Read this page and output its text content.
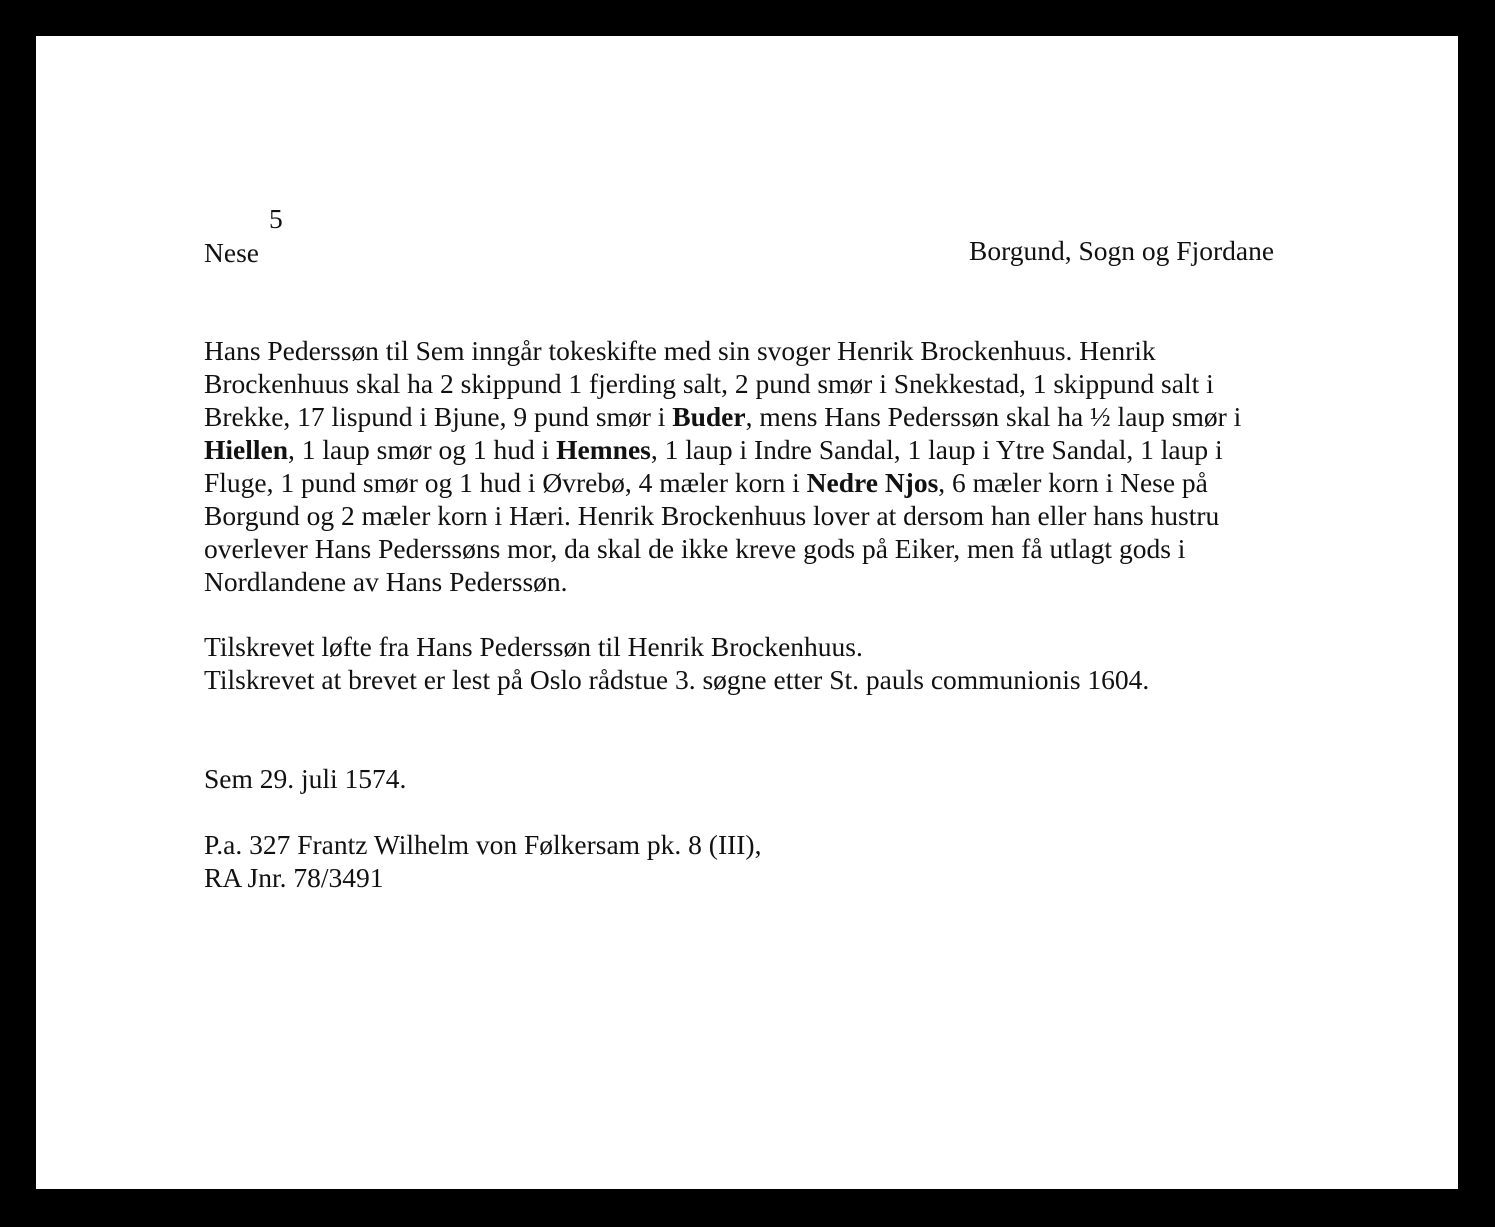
5
Nese	Borgund, Sogn og Fjordane
Hans Pederssøn til Sem inngår tokeskifte med sin svoger Henrik Brockenhuus. Henrik
Brockenhuus skal ha 2 skippund 1 fjerding salt, 2 pund smør i Snekkestad, 1 skippund salt i
Brekke, 17 lispund i Bjune, 9 pund smør i Buder, mens Hans Pederssøn skal ha ½ laup smør i
Hiellen, 1 laup smør og 1 hud i Hemnes, 1 laup i Indre Sandal, 1 laup i Ytre Sandal, 1 laup i
Fluge, 1 pund smør og 1 hud i Øvrebø, 4 mæler korn i Nedre Njos, 6 mæler korn i Nese på
Borgund og 2 mæler korn i Hæri. Henrik Brockenhuus lover at dersom han eller hans hustru
overlever Hans Pederssøns mor, da skal de ikke kreve gods på Eiker, men få utlagt gods i
Nordlandene av Hans Pederssøn.
Tilskrevet løfte fra Hans Pederssøn til Henrik Brockenhuus.
Tilskrevet at brevet er lest på Oslo rådstue 3. søgne etter St. pauls communionis 1604.
Sem 29. juli 1574.
P.a. 327 Frantz Wilhelm von Følkersam pk. 8 (III),
RA Jnr. 78/3491
